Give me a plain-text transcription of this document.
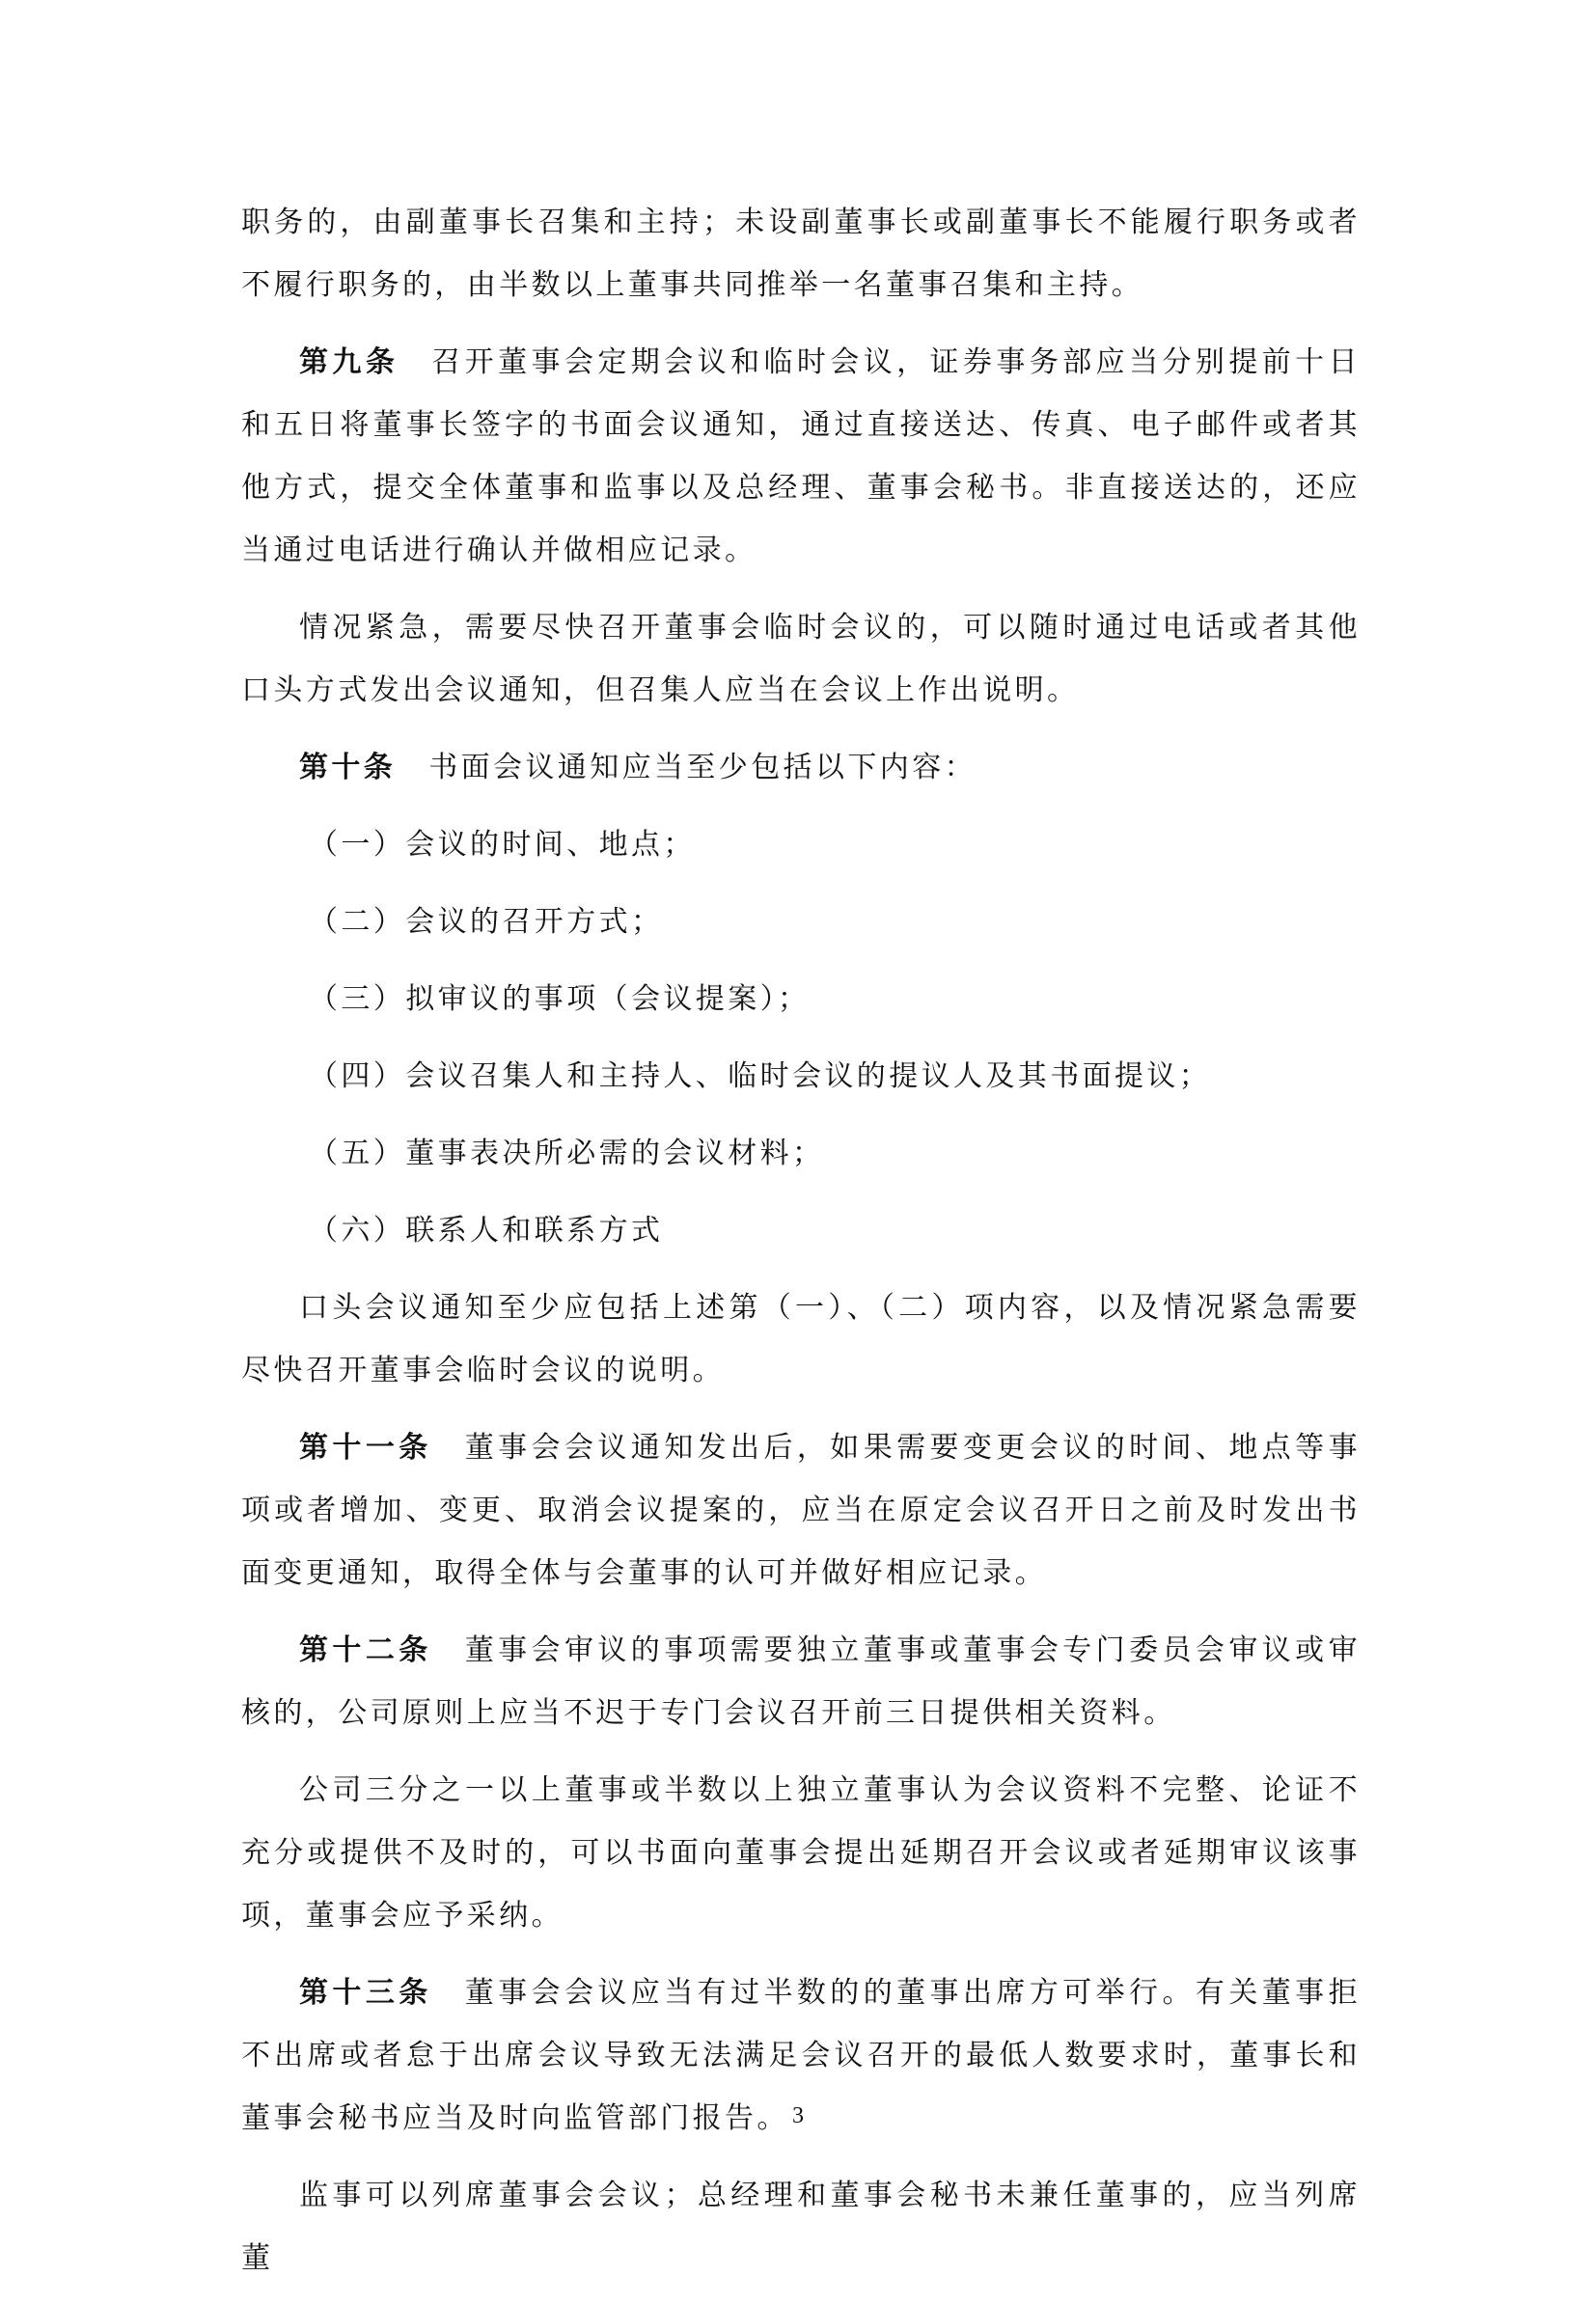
职务的，由副董事长召集和主持；未设副董事长或副董事长不能履行职务或者不履行职务的，由半数以上董事共同推举一名董事召集和主持。

第九条 召开董事会定期会议和临时会议，证券事务部应当分别提前十日和五日将董事长签字的书面会议通知，通过直接送达、传真、电子邮件或者其他方式，提交全体董事和监事以及总经理、董事会秘书。非直接送达的，还应当通过电话进行确认并做相应记录。

情况紧急，需要尽快召开董事会临时会议的，可以随时通过电话或者其他口头方式发出会议通知，但召集人应当在会议上作出说明。

第十条 书面会议通知应当至少包括以下内容：

（一）会议的时间、地点；

（二）会议的召开方式；

（三）拟审议的事项（会议提案）；

（四）会议召集人和主持人、临时会议的提议人及其书面提议；

（五）董事表决所必需的会议材料；

（六）联系人和联系方式

口头会议通知至少应包括上述第（一）、（二）项内容，以及情况紧急需要尽快召开董事会临时会议的说明。

第十一条 董事会会议通知发出后，如果需要变更会议的时间、地点等事项或者增加、变更、取消会议提案的，应当在原定会议召开日之前及时发出书面变更通知，取得全体与会董事的认可并做好相应记录。

第十二条 董事会审议的事项需要独立董事或董事会专门委员会审议或审核的，公司原则上应当不迟于专门会议召开前三日提供相关资料。

公司三分之一以上董事或半数以上独立董事认为会议资料不完整、论证不充分或提供不及时的，可以书面向董事会提出延期召开会议或者延期审议该事项，董事会应予采纳。

第十三条 董事会会议应当有过半数的的董事出席方可举行。有关董事拒不出席或者怠于出席会议导致无法满足会议召开的最低人数要求时，董事长和董事会秘书应当及时向监管部门报告。

监事可以列席董事会会议；总经理和董事会秘书未兼任董事的，应当列席董

3
